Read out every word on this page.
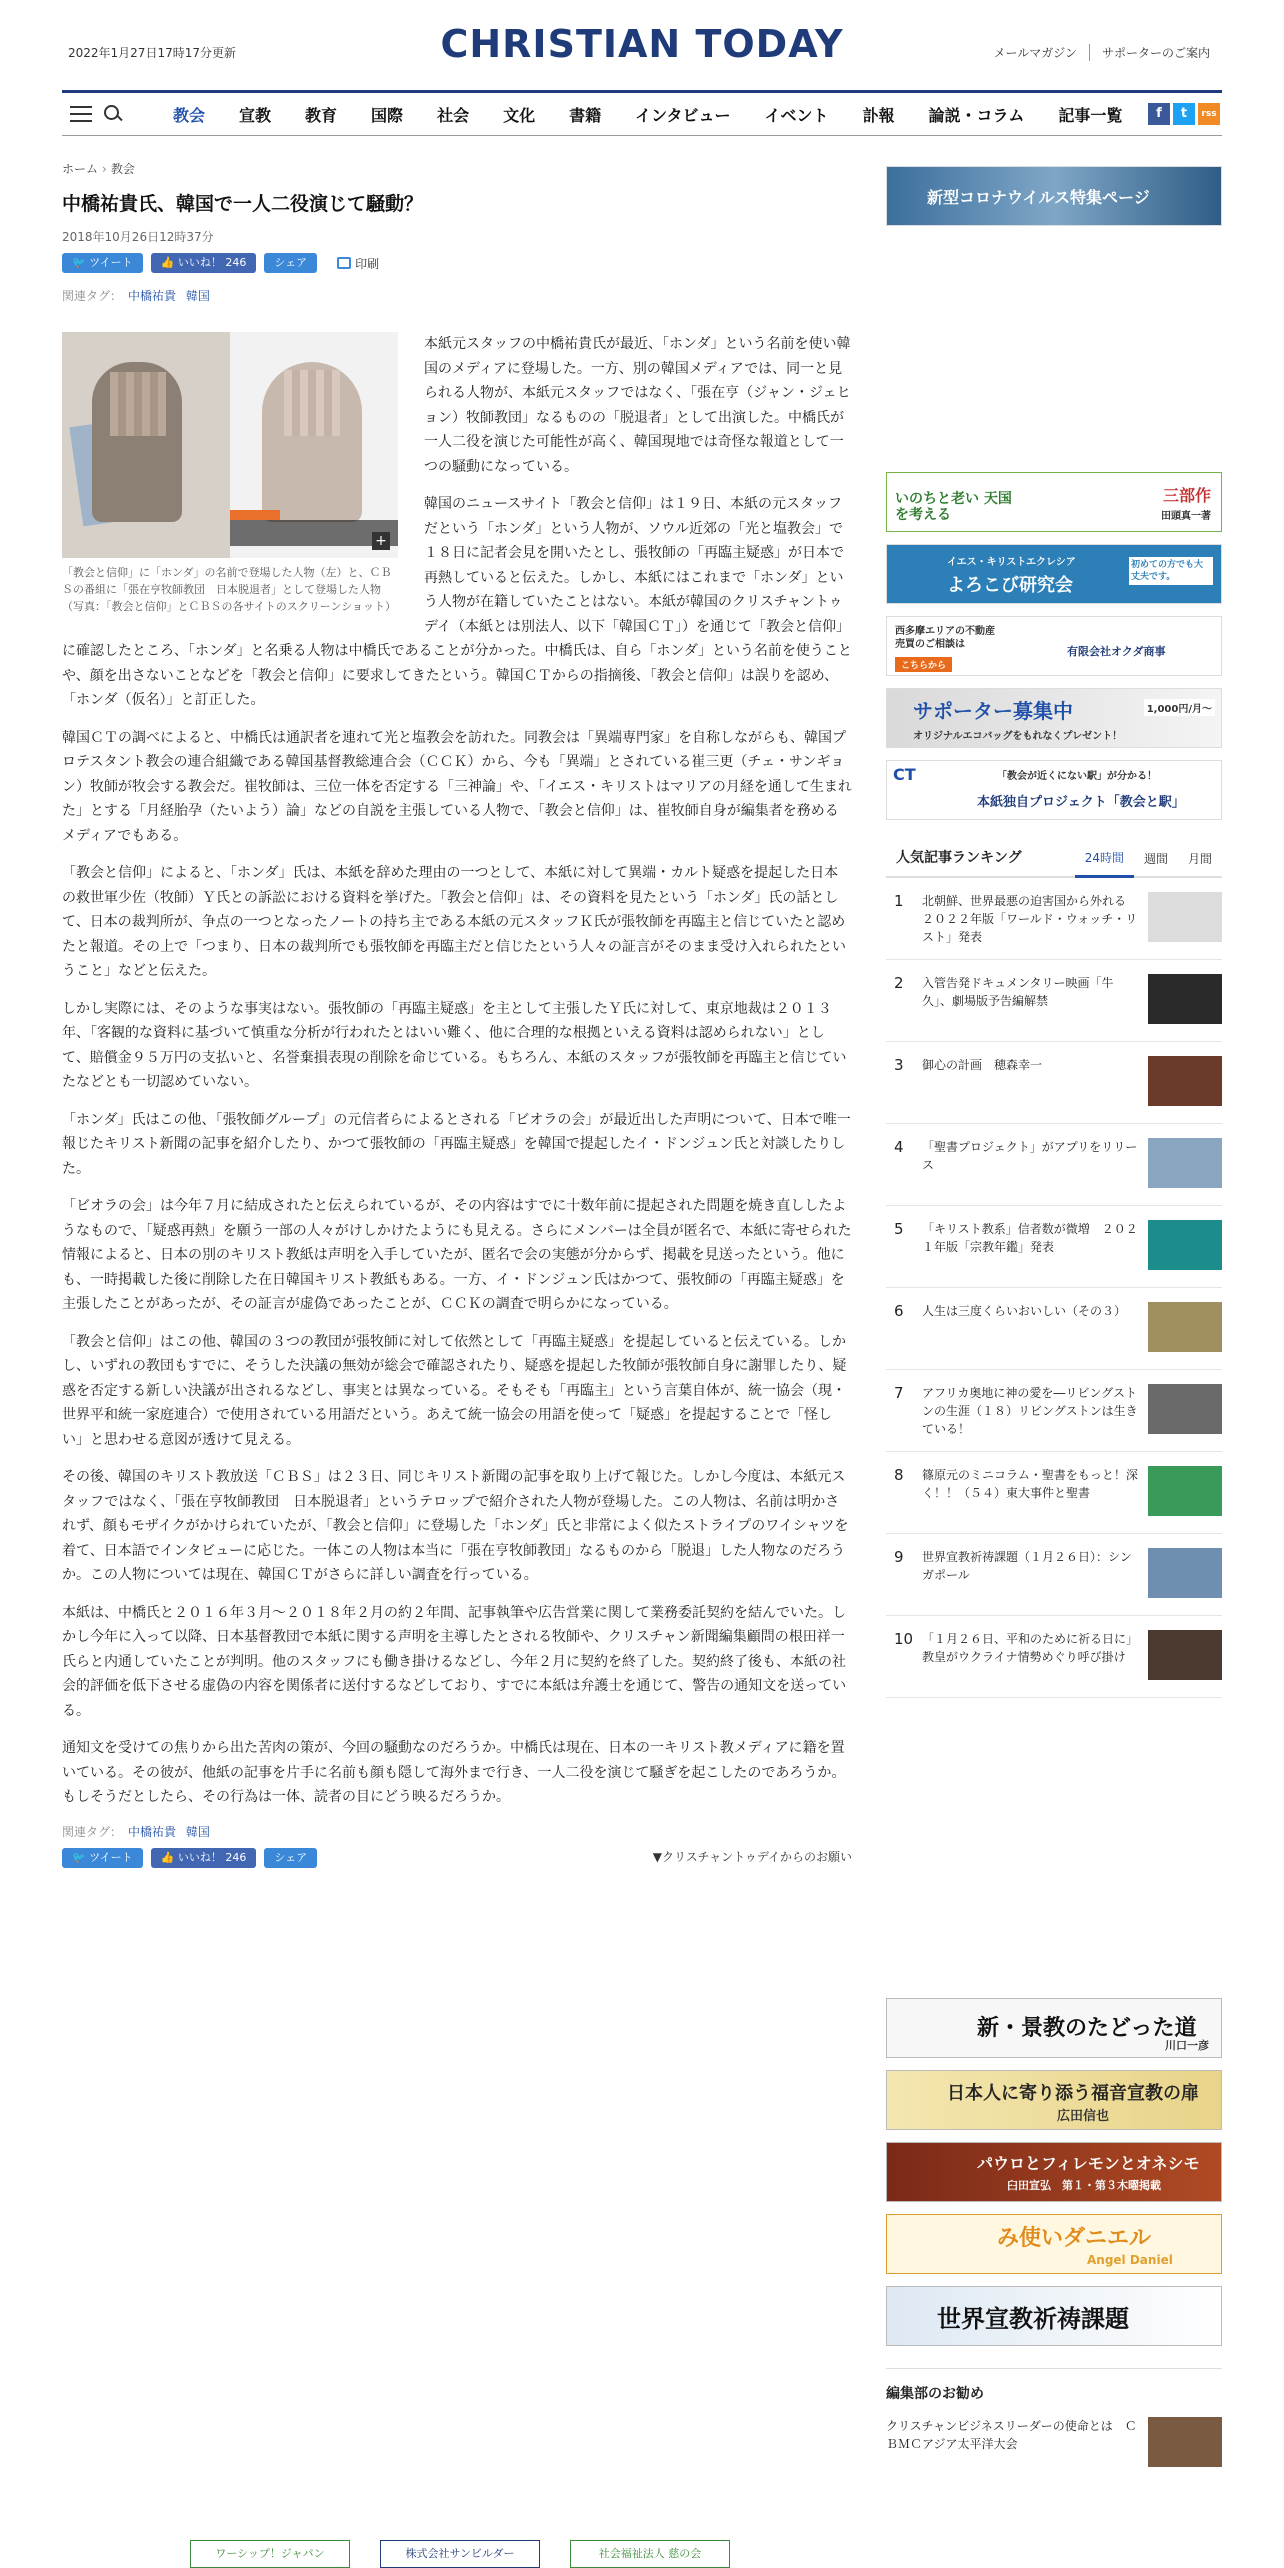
2022年1月27日17時17分更新	CHRISTIAN TODAY	メールマガジン	サポーターのご案内
教会	宣教	教育	国際	社会	文化	書籍	インタビュー	イベント	訃報	論説・コラム	記事一覧	f	t	rss
ホーム › 教会
中橋祐貴氏、韓国で一人二役演じて騒動？
2018年10月26日12時37分
🐦 ツイート	👍 いいね！ 246	シェア	印刷
関連タグ： 中橋祐貴 韓国
+
「教会と信仰」に「ホンダ」の名前で登場した人物（左）と、ＣＢＳの番組に「張在亨牧師教団　日本脱退者」として登場した人物（写真：「教会と信仰」とＣＢＳの各サイトのスクリーンショット）

本紙元スタッフの中橋祐貴氏が最近、「ホンダ」という名前を使い韓国のメディアに登場した。一方、別の韓国メディアでは、同一と見られる人物が、本紙元スタッフではなく、「張在亨（ジャン・ジェヒョン）牧師教団」なるものの「脱退者」として出演した。中橋氏が一人二役を演じた可能性が高く、韓国現地では奇怪な報道として一つの騒動になっている。

韓国のニュースサイト「教会と信仰」は１９日、本紙の元スタッフだという「ホンダ」という人物が、ソウル近郊の「光と塩教会」で１８日に記者会見を開いたとし、張牧師の「再臨主疑惑」が日本で再熱していると伝えた。しかし、本紙にはこれまで「ホンダ」という人物が在籍していたことはない。本紙が韓国のクリスチャントゥデイ（本紙とは別法人、以下「韓国ＣＴ」）を通じて「教会と信仰」に確認したところ、「ホンダ」と名乗る人物は中橋氏であることが分かった。中橋氏は、自ら「ホンダ」という名前を使うことや、顔を出さないことなどを「教会と信仰」に要求してきたという。韓国ＣＴからの指摘後、「教会と信仰」は誤りを認め、「ホンダ（仮名）」と訂正した。

韓国ＣＴの調べによると、中橋氏は通訳者を連れて光と塩教会を訪れた。同教会は「異端専門家」を自称しながらも、韓国プロテスタント教会の連合組織である韓国基督教総連合会（ＣＣＫ）から、今も「異端」とされている崔三更（チェ・サンギョン）牧師が牧会する教会だ。崔牧師は、三位一体を否定する「三神論」や、「イエス・キリストはマリアの月経を通して生まれた」とする「月経胎孕（たいよう）論」などの自説を主張している人物で、「教会と信仰」は、崔牧師自身が編集者を務めるメディアでもある。

「教会と信仰」によると、「ホンダ」氏は、本紙を辞めた理由の一つとして、本紙に対して異端・カルト疑惑を提起した日本の救世軍少佐（牧師）Ｙ氏との訴訟における資料を挙げた。「教会と信仰」は、その資料を見たという「ホンダ」氏の話として、日本の裁判所が、争点の一つとなったノートの持ち主である本紙の元スタッフＫ氏が張牧師を再臨主と信じていたと認めたと報道。その上で「つまり、日本の裁判所でも張牧師を再臨主だと信じたという人々の証言がそのまま受け入れられたということ」などと伝えた。

しかし実際には、そのような事実はない。張牧師の「再臨主疑惑」を主として主張したＹ氏に対して、東京地裁は２０１３年、「客観的な資料に基づいて慎重な分析が行われたとはいい難く、他に合理的な根拠といえる資料は認められない」として、賠償金９５万円の支払いと、名誉棄損表現の削除を命じている。もちろん、本紙のスタッフが張牧師を再臨主と信じていたなどとも一切認めていない。

「ホンダ」氏はこの他、「張牧師グループ」の元信者らによるとされる「ビオラの会」が最近出した声明について、日本で唯一報じたキリスト新聞の記事を紹介したり、かつて張牧師の「再臨主疑惑」を韓国で提起したイ・ドンジュン氏と対談したりした。

「ビオラの会」は今年７月に結成されたと伝えられているが、その内容はすでに十数年前に提起された問題を焼き直ししたようなもので、「疑惑再熱」を願う一部の人々がけしかけたようにも見える。さらにメンバーは全員が匿名で、本紙に寄せられた情報によると、日本の別のキリスト教紙は声明を入手していたが、匿名で会の実態が分からず、掲載を見送ったという。他にも、一時掲載した後に削除した在日韓国キリスト教紙もある。一方、イ・ドンジュン氏はかつて、張牧師の「再臨主疑惑」を主張したことがあったが、その証言が虚偽であったことが、ＣＣＫの調査で明らかになっている。

「教会と信仰」はこの他、韓国の３つの教団が張牧師に対して依然として「再臨主疑惑」を提起していると伝えている。しかし、いずれの教団もすでに、そうした決議の無効が総会で確認されたり、疑惑を提起した牧師が張牧師自身に謝罪したり、疑惑を否定する新しい決議が出されるなどし、事実とは異なっている。そもそも「再臨主」という言葉自体が、統一協会（現・世界平和統一家庭連合）で使用されている用語だという。あえて統一協会の用語を使って「疑惑」を提起することで「怪しい」と思わせる意図が透けて見える。

その後、韓国のキリスト教放送「ＣＢＳ」は２３日、同じキリスト新聞の記事を取り上げて報じた。しかし今度は、本紙元スタッフではなく、「張在亨牧師教団　日本脱退者」というテロップで紹介された人物が登場した。この人物は、名前は明かされず、顔もモザイクがかけられていたが、「教会と信仰」に登場した「ホンダ」氏と非常によく似たストライプのワイシャツを着て、日本語でインタビューに応じた。一体この人物は本当に「張在亨牧師教団」なるものから「脱退」した人物なのだろうか。この人物については現在、韓国ＣＴがさらに詳しい調査を行っている。

本紙は、中橋氏と２０１６年３月〜２０１８年２月の約２年間、記事執筆や広告営業に関して業務委託契約を結んでいた。しかし今年に入って以降、日本基督教団で本紙に関する声明を主導したとされる牧師や、クリスチャン新聞編集顧問の根田祥一氏らと内通していたことが判明。他のスタッフにも働き掛けるなどし、今年２月に契約を終了した。契約終了後も、本紙の社会的評価を低下させる虚偽の内容を関係者に送付するなどしており、すでに本紙は弁護士を通じて、警告の通知文を送っている。

通知文を受けての焦りから出た苦肉の策が、今回の騒動なのだろうか。中橋氏は現在、日本の一キリスト教メディアに籍を置いている。その彼が、他紙の記事を片手に名前も顔も隠して海外まで行き、一人二役を演じて騒ぎを起こしたのであろうか。もしそうだとしたら、その行為は一体、読者の目にどう映るだろうか。

関連タグ： 中橋祐貴 韓国
🐦 ツイート	👍 いいね！ 246	シェア	▼クリスチャントゥデイからのお願い
新型コロナウイルス特集ページ
いのちと老い 天国を考える
三部作
田頭真一著
イエス・キリストエクレシア
よろこび研究会
初めての方でも大丈夫です。
西多摩エリアの不動産売買のご相談は
有限会社オクダ商事
こちらから
サポーター募集中	1,000円/月〜
オリジナルエコバッグをもれなくプレゼント！
CT	「教会が近くにない駅」が分かる！
本紙独自プロジェクト「教会と駅」
人気記事ランキング	24時間	週間	月間
1	北朝鮮、世界最悪の迫害国から外れる　２０２２年版「ワールド・ウォッチ・リスト」発表
2	入管告発ドキュメンタリー映画「牛久」、劇場版予告編解禁
3	御心の計画　穂森幸一
4	「聖書プロジェクト」がアプリをリリース
5	「キリスト教系」信者数が微増　２０２１年版「宗教年鑑」発表
6	人生は三度くらいおいしい（その３）
7	アフリカ奥地に神の愛を―リビングストンの生涯（１８）リビングストンは生きている！
8	篠原元のミニコラム・聖書をもっと！深く！！（５４）東大事件と聖書
9	世界宣教祈祷課題（１月２６日）：シンガポール
10 「１月２６日、平和のために祈る日に」　教皇がウクライナ情勢めぐり呼び掛け
新・景教のたどった道
川口一彦
日本人に寄り添う福音宣教の扉
広田信也
パウロとフィレモンとオネシモ
臼田宣弘　第１・第３木曜掲載
み使いダニエル
Angel Daniel
世界宣教祈祷課題
編集部のお勧め
クリスチャンビジネスリーダーの使命とは　ＣＢＭＣアジア太平洋大会
ワーシップ！ジャパン	株式会社サンビルダー	社会福祉法人 慈の会
